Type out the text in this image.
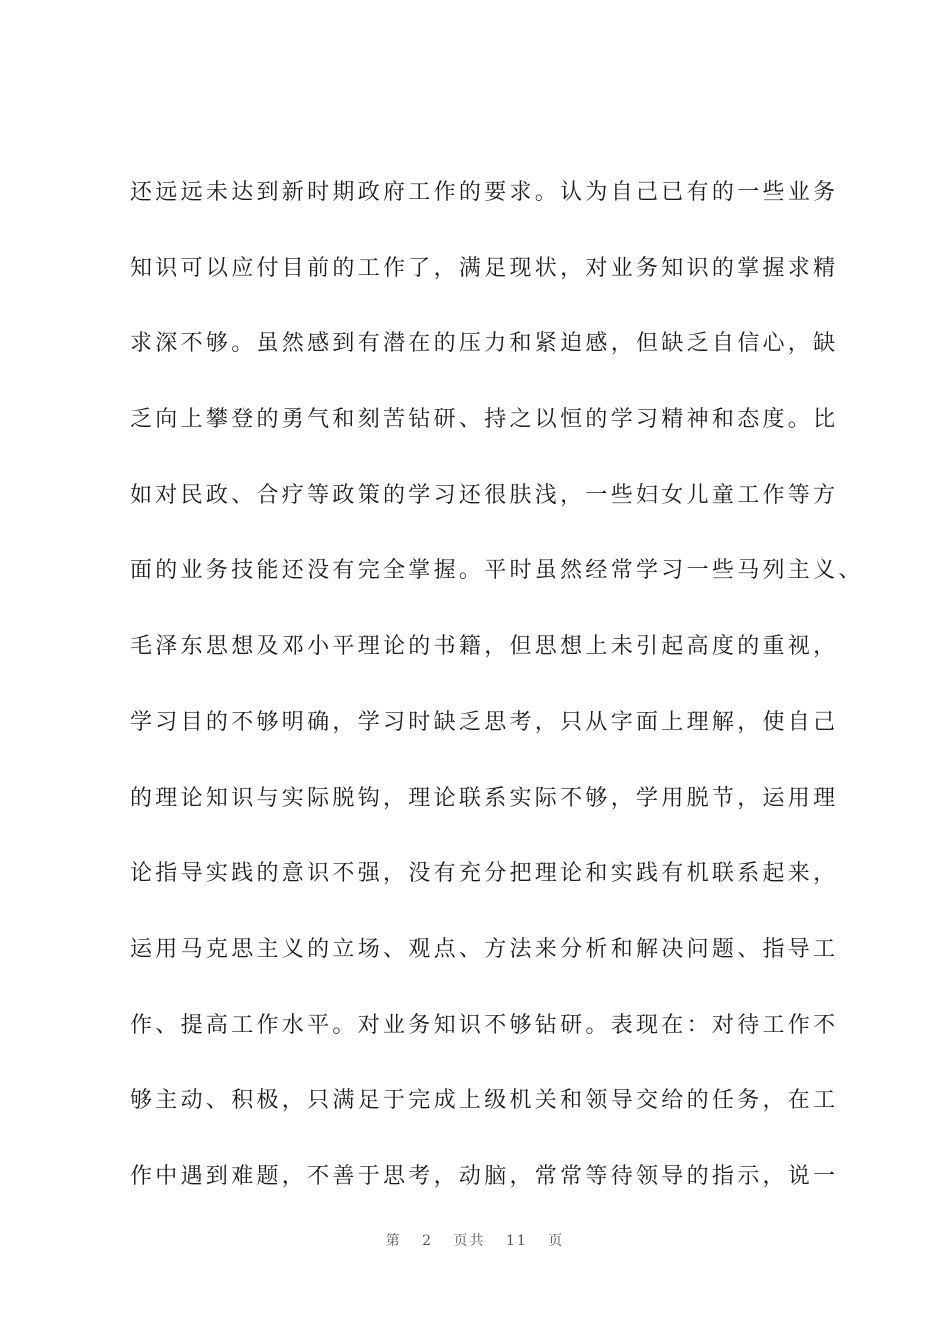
还远远未达到新时期政府工作的要求。认为自己已有的一些业务
知识可以应付目前的工作了，满足现状，对业务知识的掌握求精
求深不够。虽然感到有潜在的压力和紧迫感，但缺乏自信心，缺
乏向上攀登的勇气和刻苦钻研、持之以恒的学习精神和态度。比
如对民政、合疗等政策的学习还很肤浅，一些妇女儿童工作等方
面的业务技能还没有完全掌握。平时虽然经常学习一些马列主义、
毛泽东思想及邓小平理论的书籍，但思想上未引起高度的重视，
学习目的不够明确，学习时缺乏思考，只从字面上理解，使自己
的理论知识与实际脱钩，理论联系实际不够，学用脱节，运用理
论指导实践的意识不强，没有充分把理论和实践有机联系起来，
运用马克思主义的立场、观点、方法来分析和解决问题、指导工
作、提高工作水平。对业务知识不够钻研。表现在：对待工作不
够主动、积极，只满足于完成上级机关和领导交给的任务，在工
作中遇到难题，不善于思考，动脑，常常等待领导的指示，说一
第 2 页共 11 页
